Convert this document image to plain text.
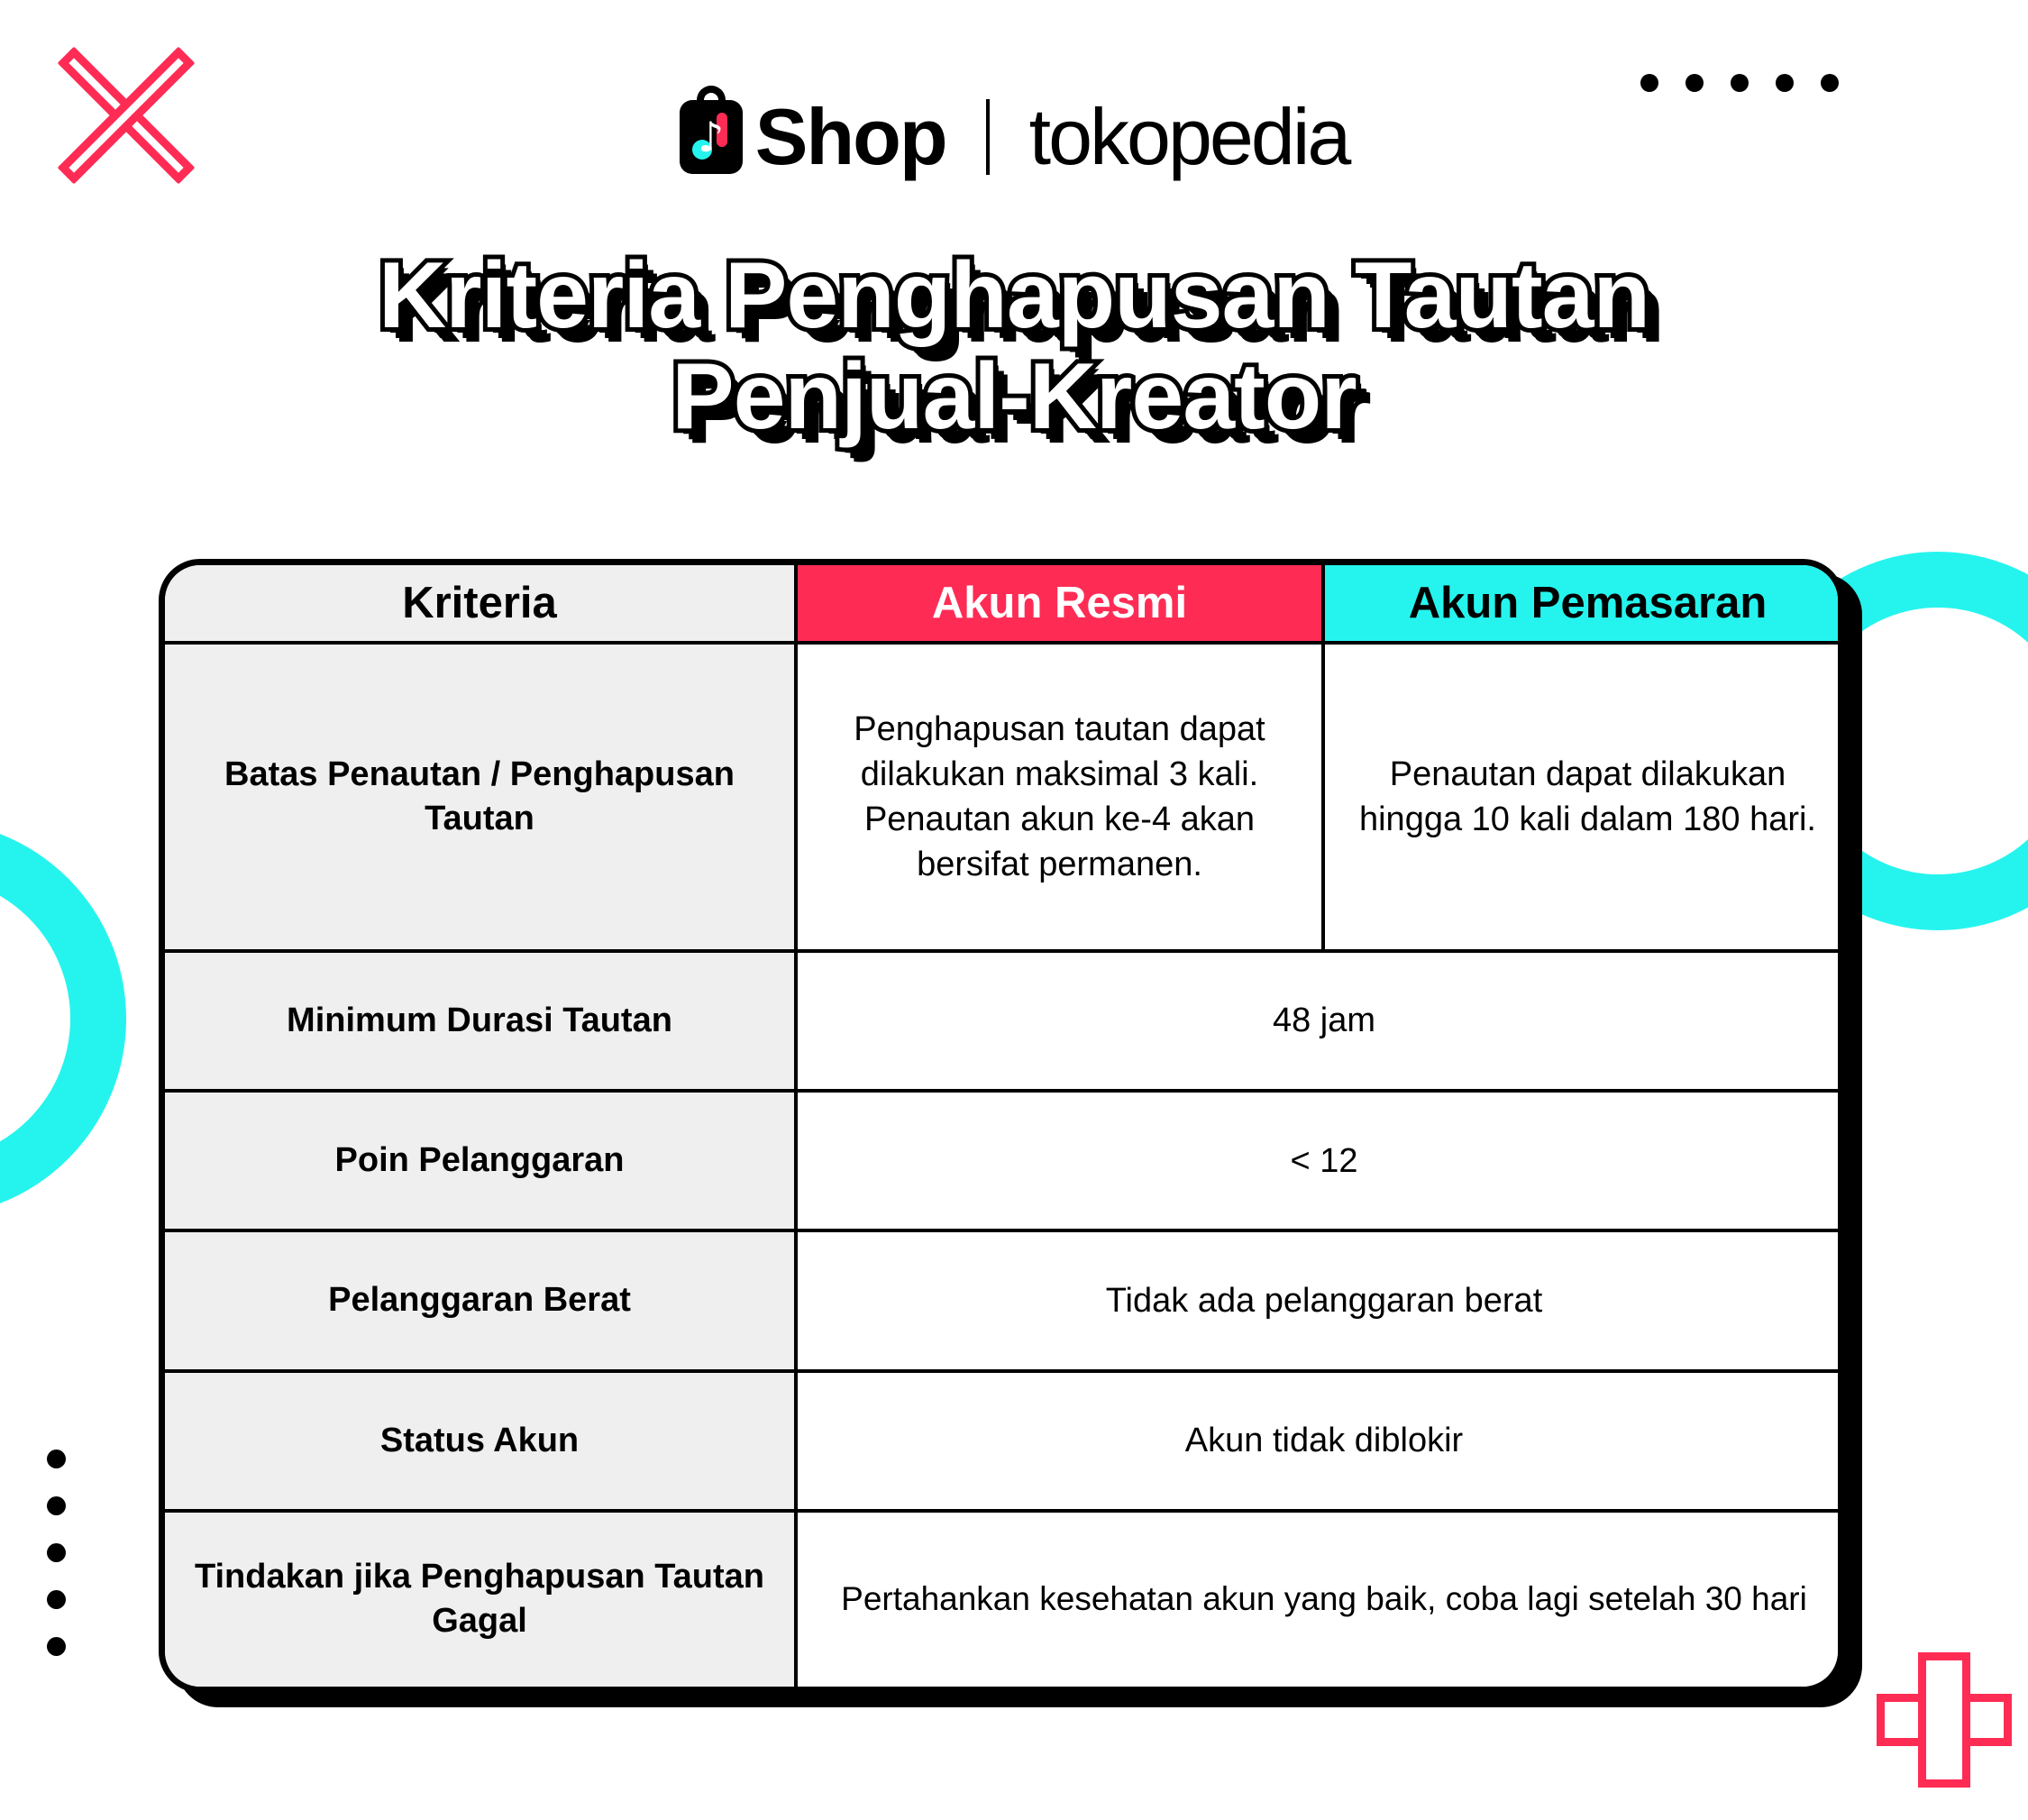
♪ Shop tokopedia
Kriteria Penghapusan Tautan Penjual-Kreator
Kriteria	Akun Resmi	Akun Pemasaran
Batas Penautan / Penghapusan Tautan	Penghapusan tautan dapat dilakukan maksimal 3 kali. Penautan akun ke-4 akan bersifat permanen.	Penautan dapat dilakukan hingga 10 kali dalam 180 hari.
Minimum Durasi Tautan	48 jam	
Poin Pelanggaran	< 12	
Pelanggaran Berat	Tidak ada pelanggaran berat	
Status Akun	Akun tidak diblokir	
Tindakan jika Penghapusan Tautan Gagal	Pertahankan kesehatan akun yang baik, coba lagi setelah 30 hari	
